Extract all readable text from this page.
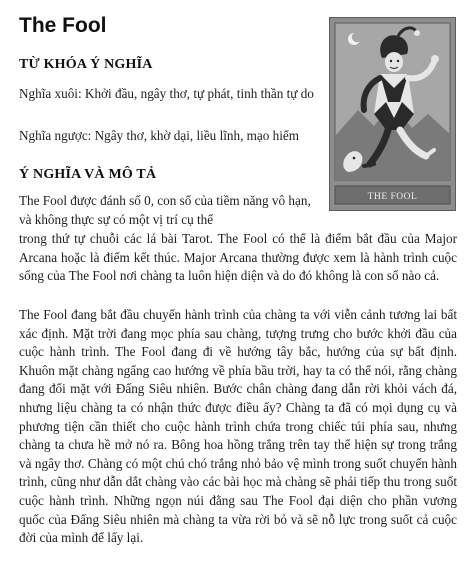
The Fool
TỪ KHÓA Ý NGHĨA

Nghĩa xuôi: Khởi đầu, ngây thơ, tự phát, tinh thần tự do

Nghĩa ngược: Ngây thơ, khờ dại, liều lĩnh, mạo hiểm

Ý NGHĨA VÀ MÔ TẢ

The Fool được đánh số 0, con số của tiềm năng vô hạn, và không thực sự có một vị trí cụ thể

trong thứ tự chuỗi các lá bài Tarot. The Fool có thể là điểm bắt đầu của Major Arcana hoặc là điểm kết thúc. Major Arcana thường được xem là hành trình cuộc sống của The Fool nơi chàng ta luôn hiện diện và do đó không là con số nào cả.

The Fool đang bắt đầu chuyến hành trình của chàng ta với viễn cảnh tương lai bất xác định. Mặt trời đang mọc phía sau chàng, tượng trưng cho bước khởi đầu của cuộc hành trình. The Fool đang đi về hướng tây bắc, hướng của sự bất định. Khuôn mặt chàng ngẩng cao hướng về phía bầu trời, hay ta có thể nói, rằng chàng đang đối mặt với Đấng Siêu nhiên. Bước chân chàng đang dẫn rời khỏi vách đá, nhưng liệu chàng ta có nhận thức được điều ấy? Chàng ta đã có mọi dụng cụ và phương tiện cần thiết cho cuộc hành trình chứa trong chiếc túi phía sau, nhưng chàng ta chưa hề mở nó ra. Bông hoa hồng trắng trên tay thể hiện sự trong trắng và ngây thơ. Chàng có một chú chó trắng nhỏ bảo vệ mình trong suốt chuyến hành trình, cũng như dẫn dắt chàng vào các bài học mà chàng sẽ phải tiếp thu trong suốt cuộc hành trình. Những ngọn núi đằng sau The Fool đại diện cho phần vương quốc của Đấng Siêu nhiên mà chàng ta vừa rời bỏ và sẽ nỗ lực trong suốt cả cuộc đời của mình để lấy lại.

THE FOOL
